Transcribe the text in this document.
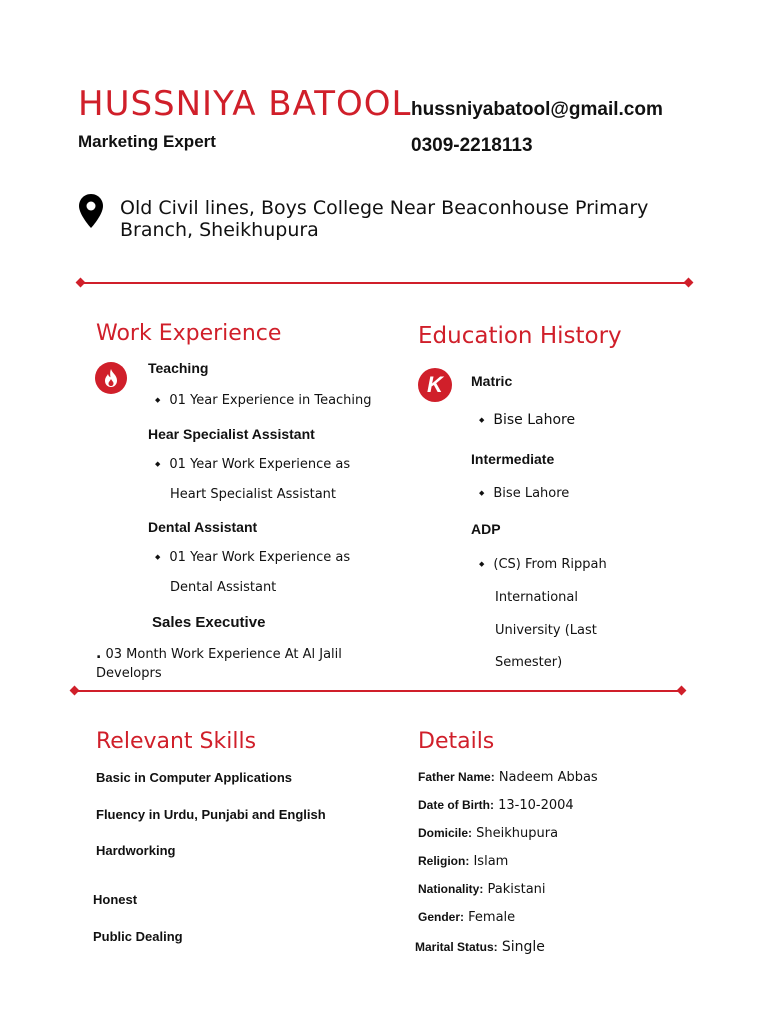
HUSSNIYA BATOOL
Marketing Expert
hussniyabatool@gmail.com
0309-2218113
Old Civil lines, Boys College Near Beaconhouse Primary
Branch, Sheikhupura
Work Experience
Teaching
◆ 01 Year Experience in Teaching
Hear Specialist Assistant
◆ 01 Year Work Experience as
Heart Specialist Assistant
Dental Assistant
◆ 01 Year Work Experience as
Dental Assistant
Sales Executive
. 03 Month Work Experience At Al Jalil
Developrs
Education History
K Matric
◆ Bise Lahore
Intermediate
◆ Bise Lahore
ADP
◆ (CS) From Rippah
International
University (Last
Semester)
Relevant Skills
Basic in Computer Applications
Fluency in Urdu, Punjabi and English
Hardworking
Honest
Public Dealing
Details
Father Name: Nadeem Abbas
Date of Birth: 13-10-2004
Domicile: Sheikhupura
Religion: Islam
Nationality: Pakistani
Gender: Female
Marital Status: Single
